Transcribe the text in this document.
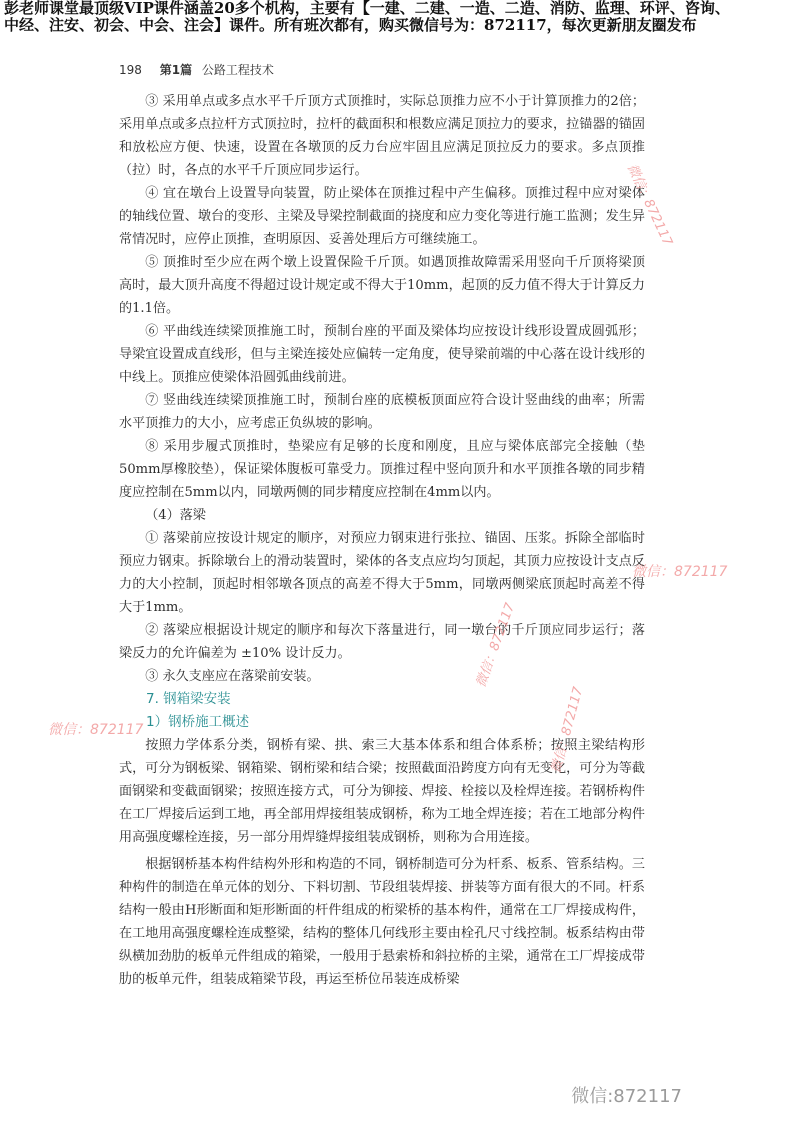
彭老师课堂最顶级VIP课件涵盖20多个机构，主要有【一建、二建、一造、二造、消防、监理、环评、咨询、
中经、注安、初会、中会、注会】课件。所有班次都有，购买微信号为：872117，每次更新朋友圈发布
198 第1篇 公路工程技术

③ 采用单点或多点水平千斤顶方式顶推时，实际总顶推力应不小于计算顶推力的2倍；采用单点或多点拉杆方式顶拉时，拉杆的截面积和根数应满足顶拉力的要求，拉锚器的锚固和放松应方便、快速，设置在各墩顶的反力台应牢固且应满足顶拉反力的要求。多点顶推（拉）时，各点的水平千斤顶应同步运行。

④ 宜在墩台上设置导向装置，防止梁体在顶推过程中产生偏移。顶推过程中应对梁体的轴线位置、墩台的变形、主梁及导梁控制截面的挠度和应力变化等进行施工监测；发生异常情况时，应停止顶推，查明原因、妥善处理后方可继续施工。

⑤ 顶推时至少应在两个墩上设置保险千斤顶。如遇顶推故障需采用竖向千斤顶将梁顶高时，最大顶升高度不得超过设计规定或不得大于10mm，起顶的反力值不得大于计算反力的1.1倍。

⑥ 平曲线连续梁顶推施工时，预制台座的平面及梁体均应按设计线形设置成圆弧形；导梁宜设置成直线形，但与主梁连接处应偏转一定角度，使导梁前端的中心落在设计线形的中线上。顶推应使梁体沿圆弧曲线前进。

⑦ 竖曲线连续梁顶推施工时，预制台座的底模板顶面应符合设计竖曲线的曲率；所需水平顶推力的大小，应考虑正负纵坡的影响。

⑧ 采用步履式顶推时，垫梁应有足够的长度和刚度，且应与梁体底部完全接触（垫50mm厚橡胶垫），保证梁体腹板可靠受力。顶推过程中竖向顶升和水平顶推各墩的同步精度应控制在5mm以内，同墩两侧的同步精度应控制在4mm以内。

（4）落梁

① 落梁前应按设计规定的顺序，对预应力钢束进行张拉、锚固、压浆。拆除全部临时预应力钢束。拆除墩台上的滑动装置时，梁体的各支点应均匀顶起，其顶力应按设计支点反力的大小控制，顶起时相邻墩各顶点的高差不得大于5mm，同墩两侧梁底顶起时高差不得大于1mm。

② 落梁应根据设计规定的顺序和每次下落量进行，同一墩台的千斤顶应同步运行；落梁反力的允许偏差为 ±10% 设计反力。

③ 永久支座应在落梁前安装。

7. 钢箱梁安装

1）钢桥施工概述

按照力学体系分类，钢桥有梁、拱、索三大基本体系和组合体系桥；按照主梁结构形式，可分为钢板梁、钢箱梁、钢桁梁和结合梁；按照截面沿跨度方向有无变化，可分为等截面钢梁和变截面钢梁；按照连接方式，可分为铆接、焊接、栓接以及栓焊连接。若钢桥构件在工厂焊接后运到工地，再全部用焊接组装成钢桥，称为工地全焊连接；若在工地部分构件用高强度螺栓连接，另一部分用焊缝焊接组装成钢桥，则称为合用连接。

根据钢桥基本构件结构外形和构造的不同，钢桥制造可分为杆系、板系、管系结构。三种构件的制造在单元体的划分、下料切割、节段组装焊接、拼装等方面有很大的不同。杆系结构一般由H形断面和矩形断面的杆件组成的桁梁桥的基本构件，通常在工厂焊接成构件，在工地用高强度螺栓连成整梁，结构的整体几何线形主要由栓孔尺寸线控制。板系结构由带纵横加劲肋的板单元件组成的箱梁，一般用于悬索桥和斜拉桥的主梁，通常在工厂焊接成带肋的板单元件，组装成箱梁节段，再运至桥位吊装连成桥梁

微信：872117
微信：872117
微信：872117
微信：872117
微信：872117
微信:872117
